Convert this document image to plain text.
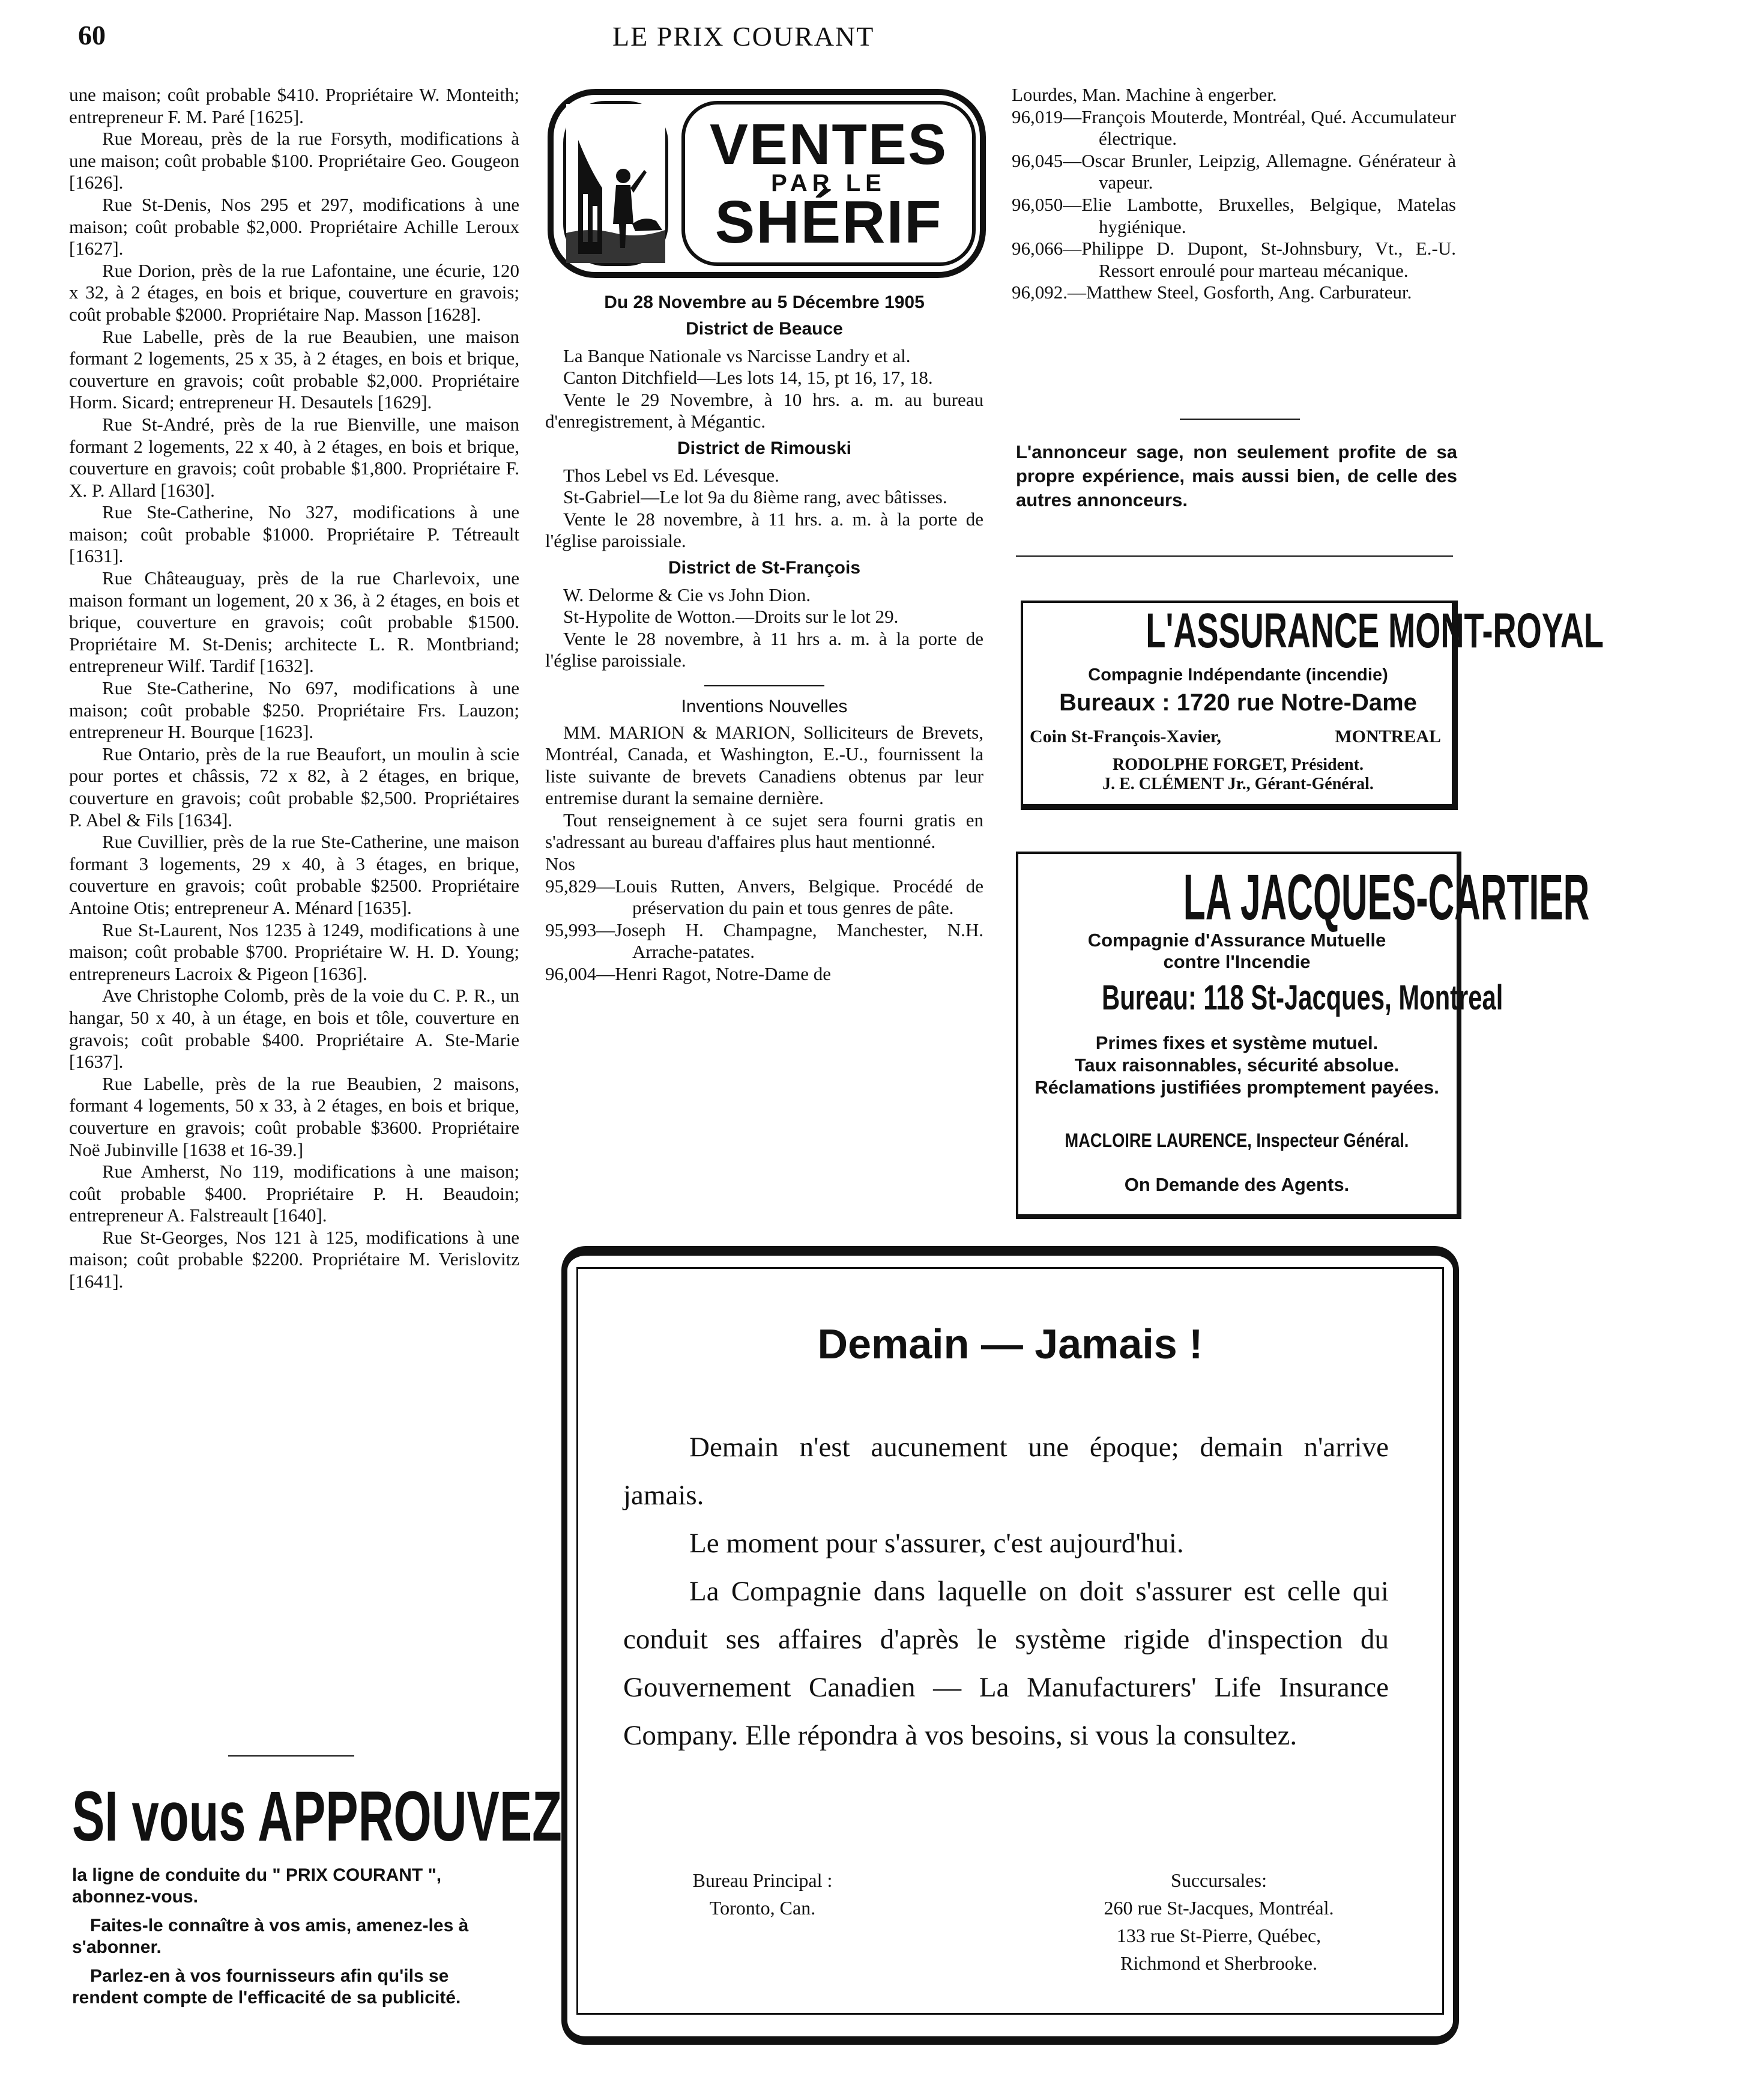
60	LE PRIX COURANT

une maison; coût probable $410. Propriétaire W. Monteith; entrepreneur F. M. Paré [1625].

Rue Moreau, près de la rue Forsyth, modifications à une maison; coût probable $100. Propriétaire Geo. Gougeon [1626].

Rue St-Denis, Nos 295 et 297, modifications à une maison; coût probable $2,000. Propriétaire Achille Leroux [1627].

Rue Dorion, près de la rue Lafontaine, une écurie, 120 x 32, à 2 étages, en bois et brique, couverture en gravois; coût probable $2000. Propriétaire Nap. Masson [1628].

Rue Labelle, près de la rue Beaubien, une maison formant 2 logements, 25 x 35, à 2 étages, en bois et brique, couverture en gravois; coût probable $2,000. Propriétaire Horm. Sicard; entrepreneur H. Desautels [1629].

Rue St-André, près de la rue Bienville, une maison formant 2 logements, 22 x 40, à 2 étages, en bois et brique, couverture en gravois; coût probable $1,800. Propriétaire F. X. P. Allard [1630].

Rue Ste-Catherine, No 327, modifications à une maison; coût probable $1000. Propriétaire P. Tétreault [1631].

Rue Châteauguay, près de la rue Charlevoix, une maison formant un logement, 20 x 36, à 2 étages, en bois et brique, couverture en gravois; coût probable $1500. Propriétaire M. St-Denis; architecte L. R. Montbriand; entrepreneur Wilf. Tardif [1632].

Rue Ste-Catherine, No 697, modifications à une maison; coût probable $250. Propriétaire Frs. Lauzon; entrepreneur H. Bourque [1623].

Rue Ontario, près de la rue Beaufort, un moulin à scie pour portes et châssis, 72 x 82, à 2 étages, en brique, couverture en gravois; coût probable $2,500. Propriétaires P. Abel & Fils [1634].

Rue Cuvillier, près de la rue Ste-Catherine, une maison formant 3 logements, 29 x 40, à 3 étages, en brique, couverture en gravois; coût probable $2500. Propriétaire Antoine Otis; entrepreneur A. Ménard [1635].

Rue St-Laurent, Nos 1235 à 1249, modifications à une maison; coût probable $700. Propriétaire W. H. D. Young; entrepreneurs Lacroix & Pigeon [1636].

Ave Christophe Colomb, près de la voie du C. P. R., un hangar, 50 x 40, à un étage, en bois et tôle, couverture en gravois; coût probable $400. Propriétaire A. Ste-Marie [1637].

Rue Labelle, près de la rue Beaubien, 2 maisons, formant 4 logements, 50 x 33, à 2 étages, en bois et brique, couverture en gravois; coût probable $3600. Propriétaire Noë Jubinville [1638 et 16-39.]

Rue Amherst, No 119, modifications à une maison; coût probable $400. Propriétaire P. H. Beaudoin; entrepreneur A. Falstreault [1640].

Rue St-Georges, Nos 121 à 125, modifications à une maison; coût probable $2200. Propriétaire M. Verislovitz [1641].

SI vous APPROUVEZ
la ligne de conduite du " PRIX COURANT ", abonnez-vous.
Faites-le connaître à vos amis, amenez-les à s'abonner.
Parlez-en à vos fournisseurs afin qu'ils se rendent compte de l'efficacité de sa publicité.
VENTES
PAR LE
SHÉRIF
Du 28 Novembre au 5 Décembre 1905
District de Beauce

La Banque Nationale vs Narcisse Landry et al.

Canton Ditchfield—Les lots 14, 15, pt 16, 17, 18.

Vente le 29 Novembre, à 10 hrs. a. m. au bureau d'enregistrement, à Mégantic.

District de Rimouski

Thos Lebel vs Ed. Lévesque.

St-Gabriel—Le lot 9a du 8ième rang, avec bâtisses.

Vente le 28 novembre, à 11 hrs. a. m. à la porte de l'église paroissiale.

District de St-François

W. Delorme & Cie vs John Dion.

St-Hypolite de Wotton.—Droits sur le lot 29.

Vente le 28 novembre, à 11 hrs a. m. à la porte de l'église paroissiale.

Inventions Nouvelles

MM. MARION & MARION, Solliciteurs de Brevets, Montréal, Canada, et Washington, E.-U., fournissent la liste suivante de brevets Canadiens obtenus par leur entremise durant la semaine dernière.

Tout renseignement à ce sujet sera fourni gratis en s'adressant au bureau d'affaires plus haut mentionné.

Nos

95,829—Louis Rutten, Anvers, Belgique. Procédé de préservation du pain et tous genres de pâte.

95,993—Joseph H. Champagne, Manchester, N.H. Arrache-patates.

96,004—Henri Ragot, Notre-Dame de

Lourdes, Man. Machine à engerber.

96,019—François Mouterde, Montréal, Qué. Accumulateur électrique.

96,045—Oscar Brunler, Leipzig, Allemagne. Générateur à vapeur.

96,050—Elie Lambotte, Bruxelles, Belgique, Matelas hygiénique.

96,066—Philippe D. Dupont, St-Johnsbury, Vt., E.-U. Ressort enroulé pour marteau mécanique.

96,092.—Matthew Steel, Gosforth, Ang. Carburateur.

L'annonceur sage, non seulement profite de sa propre expérience, mais aussi bien, de celle des autres annonceurs.
L'ASSURANCE MONT-ROYAL
Compagnie Indépendante (incendie)
Bureaux : 1720 rue Notre-Dame
Coin St-François-Xavier,	MONTREAL
RODOLPHE FORGET, Président.
J. E. CLÉMENT Jr., Gérant-Général.
LA JACQUES-CARTIER
Compagnie d'Assurance Mutuelle
contre l'Incendie
Bureau: 118 St-Jacques, Montreal
Primes fixes et système mutuel.
Taux raisonnables, sécurité absolue.
Réclamations justifiées promptement payées.
MACLOIRE LAURENCE, Inspecteur Général.
On Demande des Agents.
Demain — Jamais !
Demain n'est aucunement une époque; demain n'arrive jamais.
Le moment pour s'assurer, c'est aujourd'hui.
La Compagnie dans laquelle on doit s'assurer est celle qui conduit ses affaires d'après le système rigide d'inspection du Gouvernement Canadien — La Manufacturers' Life Insurance Company. Elle répondra à vos besoins, si vous la consultez.
Bureau Principal :
Toronto, Can.
Succursales:
260 rue St-Jacques, Montréal.
133 rue St-Pierre, Québec,
Richmond et Sherbrooke.
